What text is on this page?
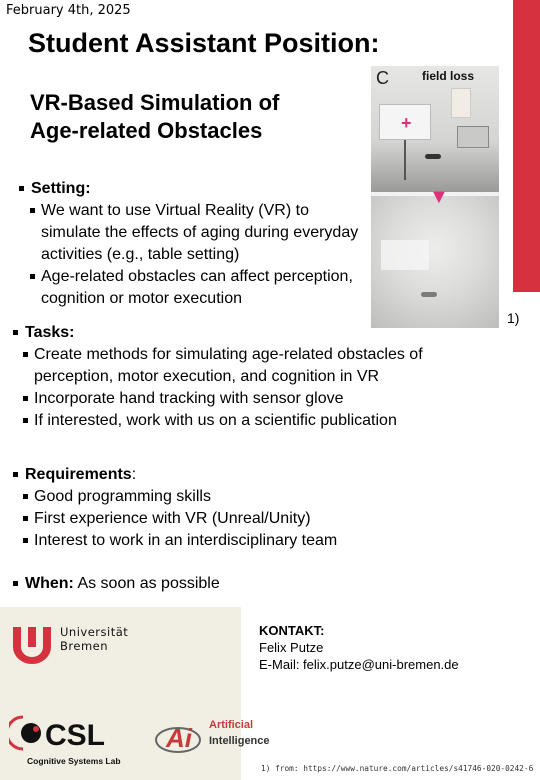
February 4th, 2025
Student Assistant Position:
VR-Based Simulation of
Age-related Obstacles	+
▼
C	field loss
1)
Setting:
We want to use Virtual Reality (VR) to simulate the effects of aging during everyday activities (e.g., table setting)
Age-related obstacles can affect perception, cognition or motor execution
Tasks:
Create methods for simulating age-related obstacles of perception, motor execution, and cognition in VR
Incorporate hand tracking with sensor glove
If interested, work with us on a scientific publication
Requirements:
Good programming skills
First experience with VR (Unreal/Unity)
Interest to work in an interdisciplinary team
When: As soon as possible
Universität
Bremen
CSL
Cognitive Systems Lab
Ai Artificial
Intelligence
KONTAKT:
Felix Putze
E-Mail: felix.putze@uni-bremen.de
1) from: https://www.nature.com/articles/s41746-020-0242-6
